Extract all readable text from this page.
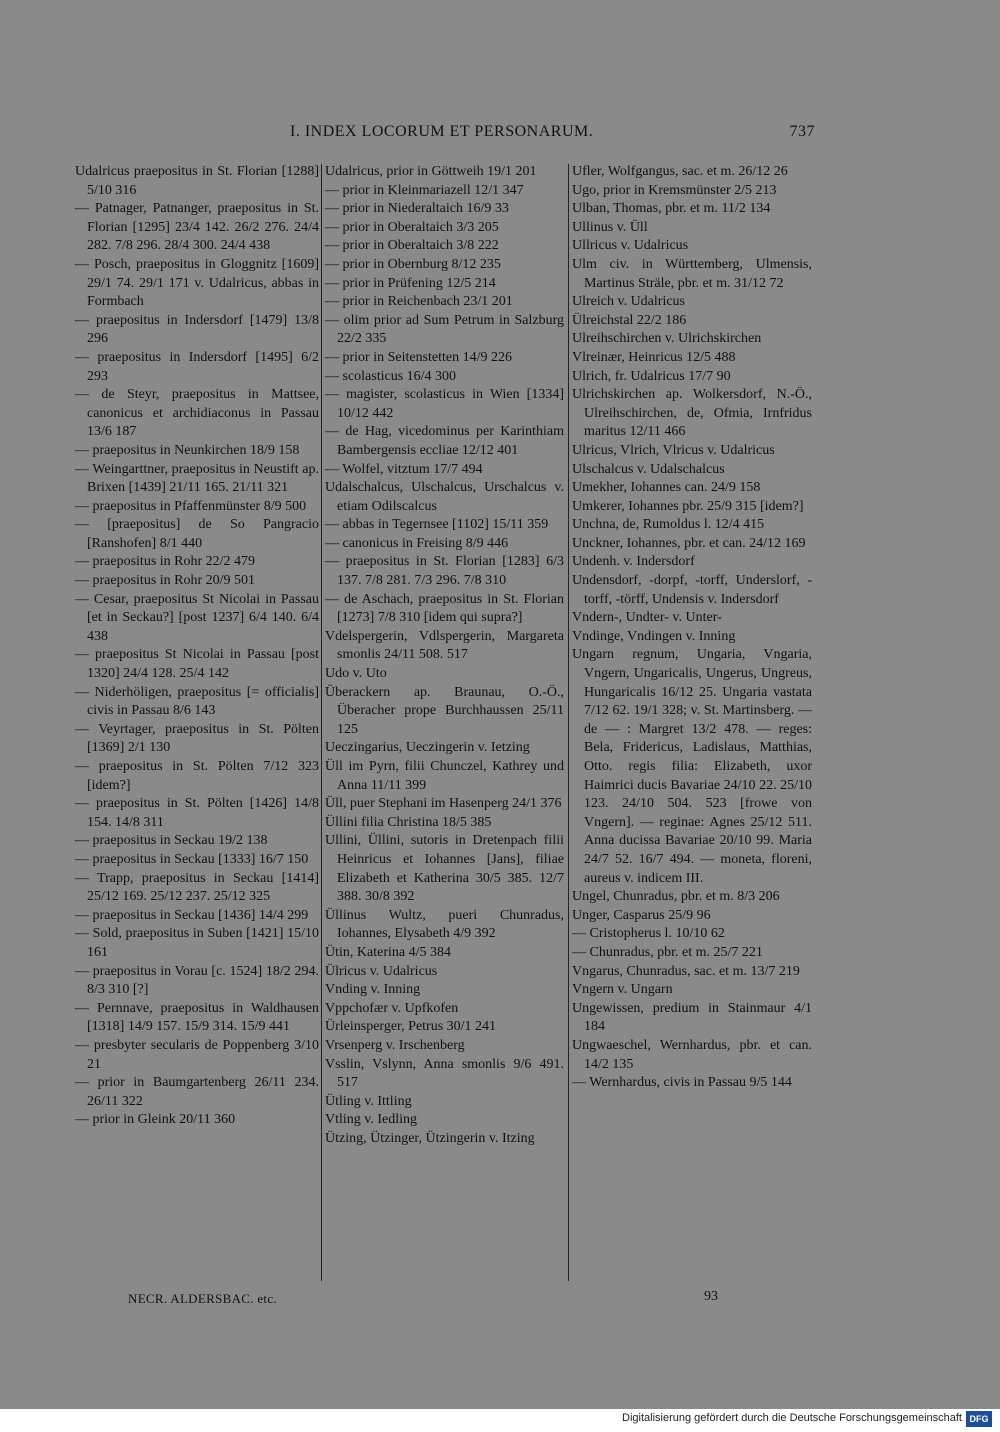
I. INDEX LOCORUM ET PERSONARUM.	737

Udalricus praepositus in St. Florian [1288] 5/10 316

— Patnager, Patnanger, praepositus in St. Florian [1295] 23/4 142. 26/2 276. 24/4 282. 7/8 296. 28/4 300. 24/4 438

— Posch, praepositus in Gloggnitz [1609] 29/1 74. 29/1 171 v. Udalricus, abbas in Formbach

— praepositus in Indersdorf [1479] 13/8 296

— praepositus in Indersdorf [1495] 6/2 293

— de Steyr, praepositus in Mattsee, canonicus et archidiaconus in Passau 13/6 187

— praepositus in Neunkirchen 18/9 158

— Weingarttner, praepositus in Neustift ap. Brixen [1439] 21/11 165. 21/11 321

— praepositus in Pfaffenmünster 8/9 500

— [praepositus] de So Pangracio [Ranshofen] 8/1 440

— praepositus in Rohr 22/2 479

— praepositus in Rohr 20/9 501

— Cesar, praepositus St Nicolai in Passau [et in Seckau?] [post 1237] 6/4 140. 6/4 438

— praepositus St Nicolai in Passau [post 1320] 24/4 128. 25/4 142

— Niderhöligen, praepositus [= officialis] civis in Passau 8/6 143

— Veyrtager, praepositus in St. Pölten [1369] 2/1 130

— praepositus in St. Pölten 7/12 323 [idem?]

— praepositus in St. Pölten [1426] 14/8 154. 14/8 311

— praepositus in Seckau 19/2 138

— praepositus in Seckau [1333] 16/7 150

— Trapp, praepositus in Seckau [1414] 25/12 169. 25/12 237. 25/12 325

— praepositus in Seckau [1436] 14/4 299

— Sold, praepositus in Suben [1421] 15/10 161

— praepositus in Vorau [c. 1524] 18/2 294. 8/3 310 [?]

— Pernnave, praepositus in Waldhausen [1318] 14/9 157. 15/9 314. 15/9 441

— presbyter secularis de Poppenberg 3/10 21

— prior in Baumgartenberg 26/11 234. 26/11 322

— prior in Gleink 20/11 360

Udalricus, prior in Göttweih 19/1 201

— prior in Kleinmariazell 12/1 347

— prior in Niederaltaich 16/9 33

— prior in Oberaltaich 3/3 205

— prior in Oberaltaich 3/8 222

— prior in Obernburg 8/12 235

— prior in Prüfening 12/5 214

— prior in Reichenbach 23/1 201

— olim prior ad Sum Petrum in Salzburg 22/2 335

— prior in Seitenstetten 14/9 226

— scolasticus 16/4 300

— magister, scolasticus in Wien [1334] 10/12 442

— de Hag, vicedominus per Karinthiam Bambergensis eccliae 12/12 401

— Wolfel, vitztum 17/7 494

Udalschalcus, Ulschalcus, Urschalcus v. etiam Odilscalcus

— abbas in Tegernsee [1102] 15/11 359

— canonicus in Freising 8/9 446

— praepositus in St. Florian [1283] 6/3 137. 7/8 281. 7/3 296. 7/8 310

— de Aschach, praepositus in St. Florian [1273] 7/8 310 [idem qui supra?]

Vdelspergerin, Vdlspergerin, Margareta smonlis 24/11 508. 517

Udo v. Uto

Überackern ap. Braunau, O.-Ö., Überacher prope Burchhaussen 25/11 125

Ueczingarius, Ueczingerin v. Ietzing

Üll im Pyrn, filii Chunczel, Kathrey und Anna 11/11 399

Üll, puer Stephani im Hasenperg 24/1 376

Üllini filia Christina 18/5 385

Ullini, Üllini, sutoris in Dretenpach filii Heinricus et Iohannes [Jans], filiae Elizabeth et Katherina 30/5 385. 12/7 388. 30/8 392

Üllinus Wultz, pueri Chunradus, Iohannes, Elysabeth 4/9 392

Ütin, Katerina 4/5 384

Ülricus v. Udalricus

Vnding v. Inning

Vppchofær v. Upfkofen

Ürleinsperger, Petrus 30/1 241

Vrsenperg v. Irschenberg

Vsslin, Vslynn, Anna smonlis 9/6 491. 517

Ütling v. Ittling

Vtling v. Iedling

Ützing, Ützinger, Ützingerin v. Itzing

Ufler, Wolfgangus, sac. et m. 26/12 26

Ugo, prior in Kremsmünster 2/5 213

Ulban, Thomas, pbr. et m. 11/2 134

Ullinus v. Üll

Ullricus v. Udalricus

Ulm civ. in Württemberg, Ulmensis, Martinus Sträle, pbr. et m. 31/12 72

Ulreich v. Udalricus

Ülreichstal 22/2 186

Ulreihschirchen v. Ulrichskirchen

Vlreinær, Heinricus 12/5 488

Ulrich, fr. Udalricus 17/7 90

Ulrichskirchen ap. Wolkersdorf, N.-Ö., Ulreihschirchen, de, Ofmia, Irnfridus maritus 12/11 466

Ulricus, Vlrich, Vlricus v. Udalricus

Ulschalcus v. Udalschalcus

Umekher, Iohannes can. 24/9 158

Umkerer, Iohannes pbr. 25/9 315 [idem?]

Unchna, de, Rumoldus l. 12/4 415

Unckner, Iohannes, pbr. et can. 24/12 169

Undenh. v. Indersdorf

Undensdorf, -dorpf, -torff, Underslorf, -torff, -törff, Undensis v. Indersdorf

Vndern-, Undter- v. Unter-

Vndinge, Vndingen v. Inning

Ungarn regnum, Ungaria, Vngaria, Vngern, Ungaricalis, Ungerus, Ungreus, Hungaricalis 16/12 25. Ungaria vastata 7/12 62. 19/1 328; v. St. Martinsberg. — de — : Margret 13/2 478. — reges: Bela, Fridericus, Ladislaus, Matthias, Otto. regis filia: Elizabeth, uxor Haimrici ducis Bavariae 24/10 22. 25/10 123. 24/10 504. 523 [frowe von Vngern]. — reginae: Agnes 25/12 511. Anna ducissa Bavariae 20/10 99. Maria 24/7 52. 16/7 494. — moneta, floreni, aureus v. indicem III.

Ungel, Chunradus, pbr. et m. 8/3 206

Unger, Casparus 25/9 96

— Cristopherus l. 10/10 62

— Chunradus, pbr. et m. 25/7 221

Vngarus, Chunradus, sac. et m. 13/7 219

Vngern v. Ungarn

Ungewissen, predium in Stainmaur 4/1 184

Ungwaeschel, Wernhardus, pbr. et can. 14/2 135

— Wernhardus, civis in Passau 9/5 144

NECR. ALDERSBAC. etc.	93
Digitalisierung gefördert durch die Deutsche Forschungsgemeinschaft DFG
